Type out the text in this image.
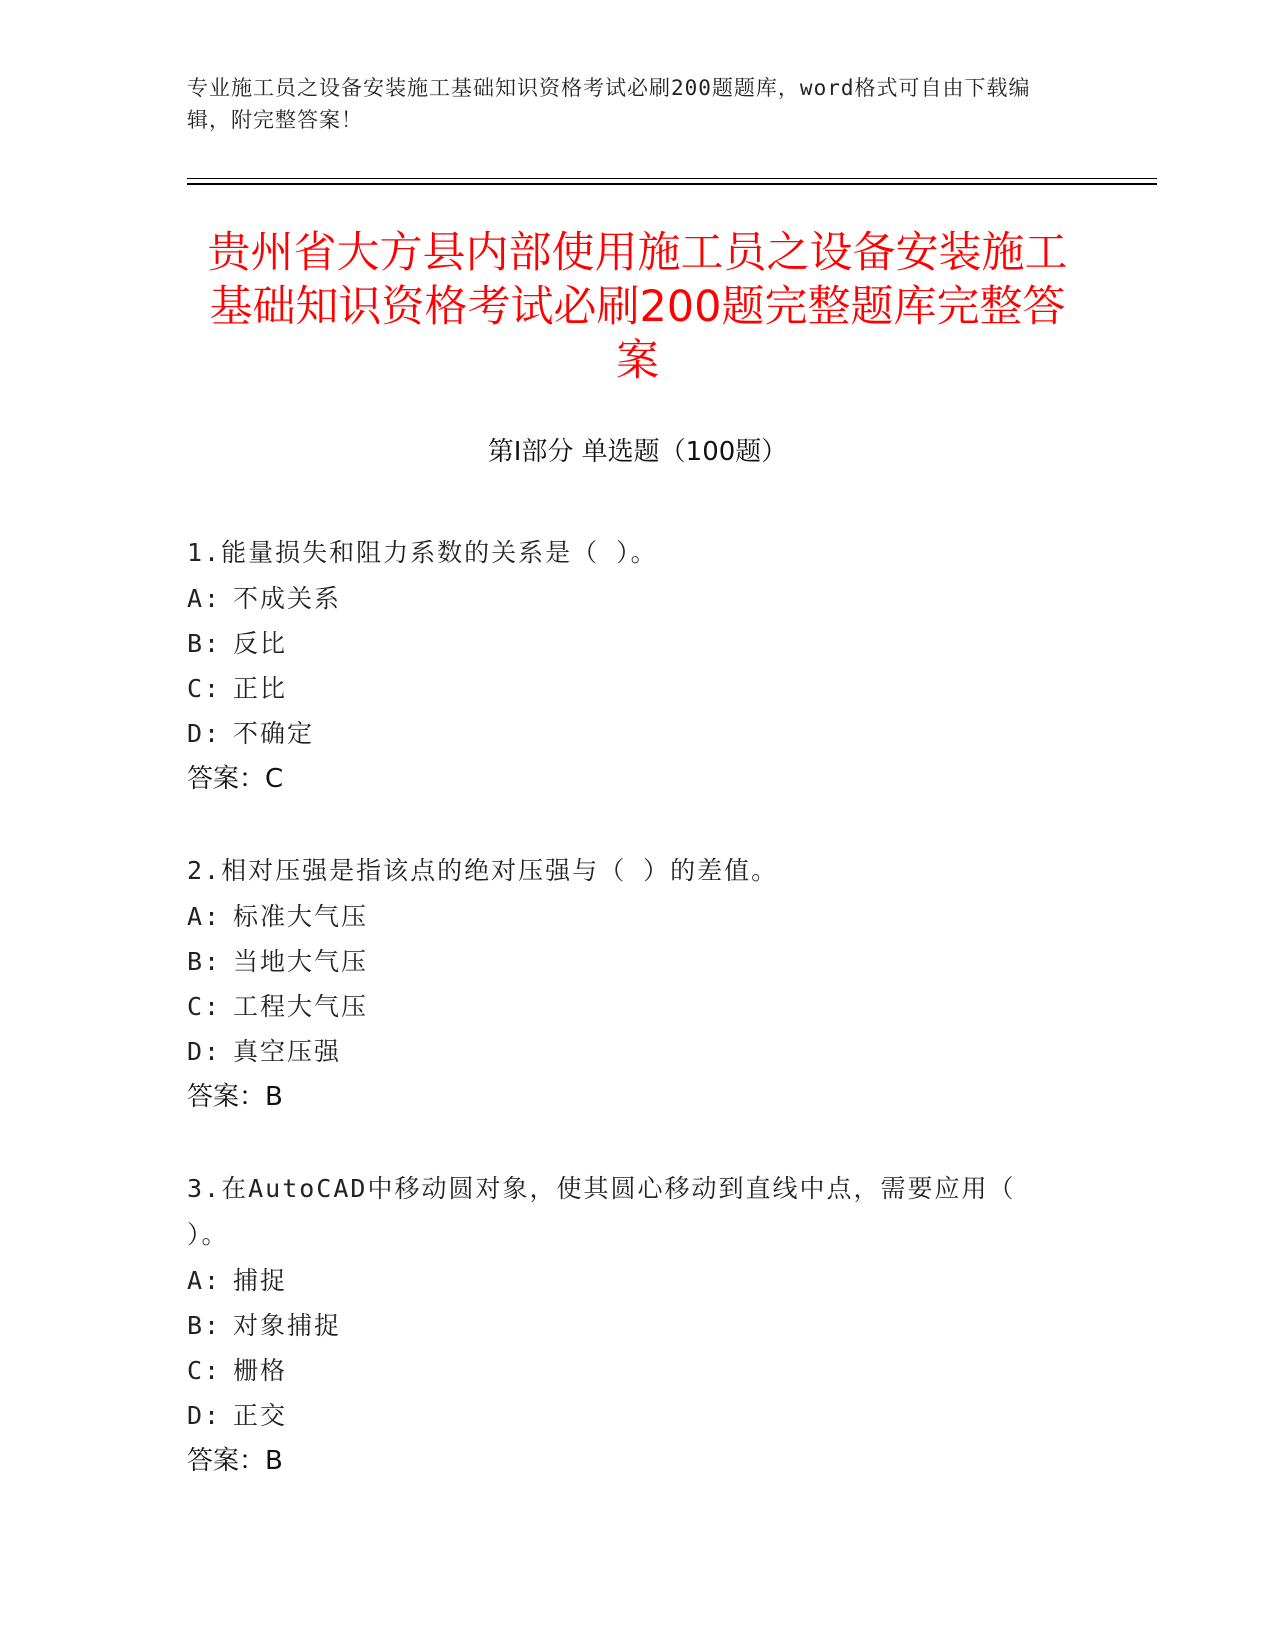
专业施工员之设备安装施工基础知识资格考试必刷200题题库，word格式可自由下载编辑，附完整答案！
贵州省大方县内部使用施工员之设备安装施工基础知识资格考试必刷200题完整题库完整答案
第I部分 单选题（100题）
1.能量损失和阻力系数的关系是（ ）。
A: 不成关系
B: 反比
C: 正比
D: 不确定
答案：C
2.相对压强是指该点的绝对压强与（ ）的差值。
A: 标准大气压
B: 当地大气压
C: 工程大气压
D: 真空压强
答案：B
3.在AutoCAD中移动圆对象，使其圆心移动到直线中点，需要应用（ ）。
A: 捕捉
B: 对象捕捉
C: 栅格
D: 正交
答案：B
